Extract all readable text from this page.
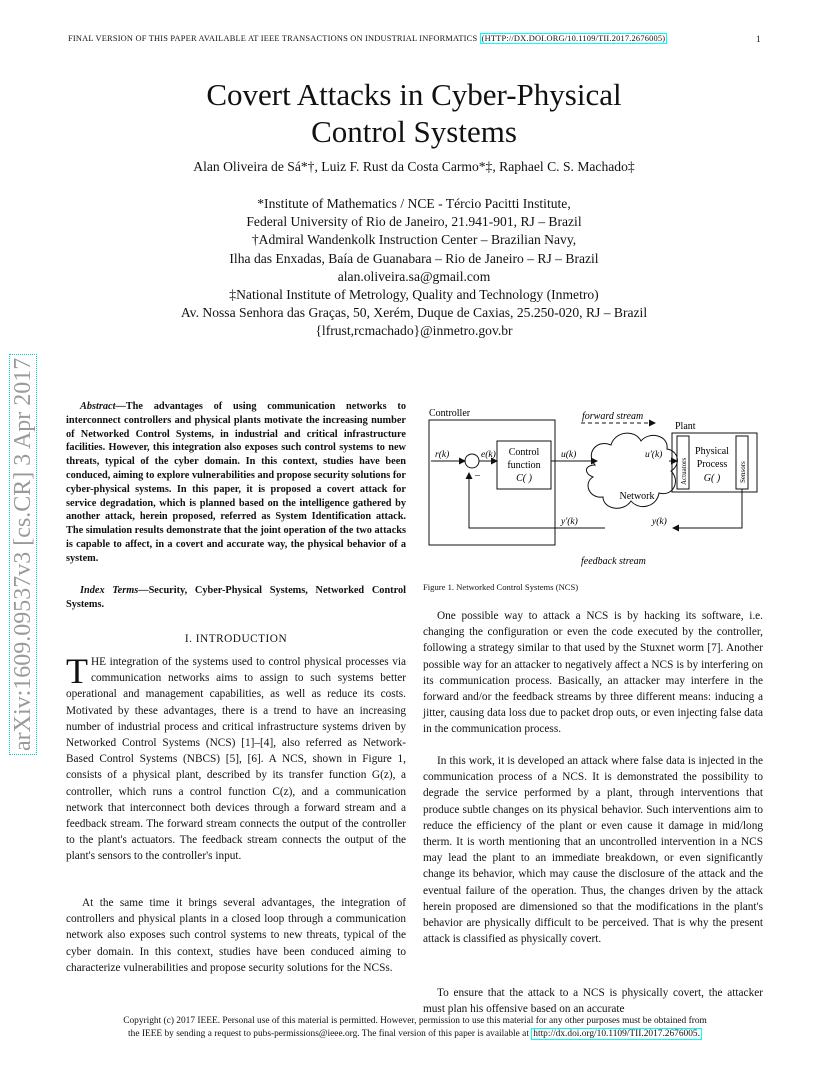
FINAL VERSION OF THIS PAPER AVAILABLE AT IEEE TRANSACTIONS ON INDUSTRIAL INFORMATICS (HTTP://DX.DOI.ORG/10.1109/TII.2017.2676005)	1
arXiv:1609.09537v3 [cs.CR] 3 Apr 2017
Covert Attacks in Cyber-Physical
Control Systems
Alan Oliveira de Sá*†, Luiz F. Rust da Costa Carmo*‡, Raphael C. S. Machado‡
*Institute of Mathematics / NCE - Tércio Pacitti Institute,
Federal University of Rio de Janeiro, 21.941-901, RJ – Brazil
†Admiral Wandenkolk Instruction Center – Brazilian Navy,
Ilha das Enxadas, Baía de Guanabara – Rio de Janeiro – RJ – Brazil
alan.oliveira.sa@gmail.com
‡National Institute of Metrology, Quality and Technology (Inmetro)
Av. Nossa Senhora das Graças, 50, Xerém, Duque de Caxias, 25.250-020, RJ – Brazil
{lfrust,rcmachado}@inmetro.gov.br
Abstract—The advantages of using communication networks to interconnect controllers and physical plants motivate the increasing number of Networked Control Systems, in industrial and critical infrastructure facilities. However, this integration also exposes such control systems to new threats, typical of the cyber domain. In this context, studies have been conduced, aiming to explore vulnerabilities and propose security solutions for cyber-physical systems. In this paper, it is proposed a covert attack for service degradation, which is planned based on the intelligence gathered by another attack, herein proposed, referred as System Identification attack. The simulation results demonstrate that the joint operation of the two attacks is capable to affect, in a covert and accurate way, the physical behavior of a system.
Index Terms—Security, Cyber-Physical Systems, Networked Control Systems.
I. INTRODUCTION
THE integration of the systems used to control physical processes via communication networks aims to assign to such systems better operational and management capabilities, as well as reduce its costs. Motivated by these advantages, there is a trend to have an increasing number of industrial process and critical infrastructure systems driven by Networked Control Systems (NCS) [1]–[4], also referred as Network-Based Control Systems (NBCS) [5], [6]. A NCS, shown in Figure 1, consists of a physical plant, described by its transfer function G(z), a controller, which runs a control function C(z), and a communication network that interconnect both devices through a forward stream and a feedback stream. The forward stream connects the output of the controller to the plant's actuators. The feedback stream connects the output of the plant's sensors to the controller's input.
At the same time it brings several advantages, the integration of controllers and physical plants in a closed loop through a communication network also exposes such control systems to new threats, typical of the cyber domain. In this context, studies have been conduced aiming to characterize vulnerabilities and propose security solutions for the NCSs.
Controller
Plant
forward stream
r(k)
–
e(k) Control
function
C( )
u(k)
Network
u'(k)
Actuators
Physical
Process
G( )	Sensors
y(k)
y'(k)
feedback stream
Figure 1. Networked Control Systems (NCS)
One possible way to attack a NCS is by hacking its software, i.e. changing the configuration or even the code executed by the controller, following a strategy similar to that used by the Stuxnet worm [7]. Another possible way for an attacker to negatively affect a NCS is by interfering on its communication process. Basically, an attacker may interfere in the forward and/or the feedback streams by three different means: inducing a jitter, causing data loss due to packet drop outs, or even injecting false data in the communication process.
In this work, it is developed an attack where false data is injected in the communication process of a NCS. It is demonstrated the possibility to degrade the service performed by a plant, through interventions that produce subtle changes on its physical behavior. Such interventions aim to reduce the efficiency of the plant or even cause it damage in mid/long therm. It is worth mentioning that an uncontrolled intervention in a NCS may lead the plant to an immediate breakdown, or even significantly change its behavior, which may cause the disclosure of the attack and the eventual failure of the operation. Thus, the changes driven by the attack herein proposed are dimensioned so that the modifications in the plant's behavior are physically difficult to be perceived. That is why the present attack is classified as physically covert.
To ensure that the attack to a NCS is physically covert, the attacker must plan his offensive based on an accurate
Copyright (c) 2017 IEEE. Personal use of this material is permitted. However, permission to use this material for any other purposes must be obtained from
the IEEE by sending a request to pubs-permissions@ieee.org. The final version of this paper is available at http://dx.doi.org/10.1109/TII.2017.2676005.
